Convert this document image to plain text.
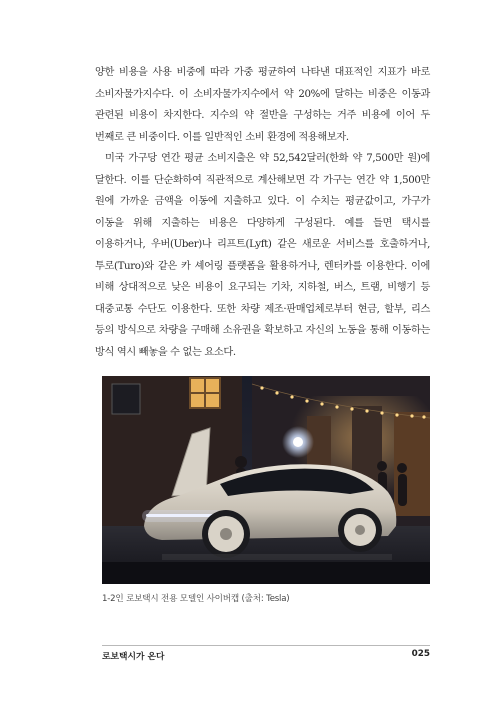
양한 비용을 사용 비중에 따라 가중 평균하여 나타낸 대표적인 지표가 바로 소비자물가지수다. 이 소비자물가지수에서 약 20%에 달하는 비중은 이동과 관련된 비용이 차지한다. 지수의 약 절반을 구성하는 거주 비용에 이어 두 번째로 큰 비중이다. 이를 일반적인 소비 환경에 적용해보자.

미국 가구당 연간 평균 소비지출은 약 52,542달러(한화 약 7,500만 원)에 달한다. 이를 단순화하여 직관적으로 계산해보면 각 가구는 연간 약 1,500만 원에 가까운 금액을 이동에 지출하고 있다. 이 수치는 평균값이고, 가구가 이동을 위해 지출하는 비용은 다양하게 구성된다. 예를 들면 택시를 이용하거나, 우버(Uber)나 리프트(Lyft) 같은 새로운 서비스를 호출하거나, 투로(Turo)와 같은 카 셰어링 플랫폼을 활용하거나, 렌터카를 이용한다. 이에 비해 상대적으로 낮은 비용이 요구되는 기차, 지하철, 버스, 트램, 비행기 등 대중교통 수단도 이용한다. 또한 차량 제조·판매업체로부터 현금, 할부, 리스 등의 방식으로 차량을 구매해 소유권을 확보하고 자신의 노동을 통해 이동하는 방식 역시 빼놓을 수 없는 요소다.

1-2인 로보택시 전용 모델인 사이버캡 (출처: Tesla)
로보택시가 온다	025
